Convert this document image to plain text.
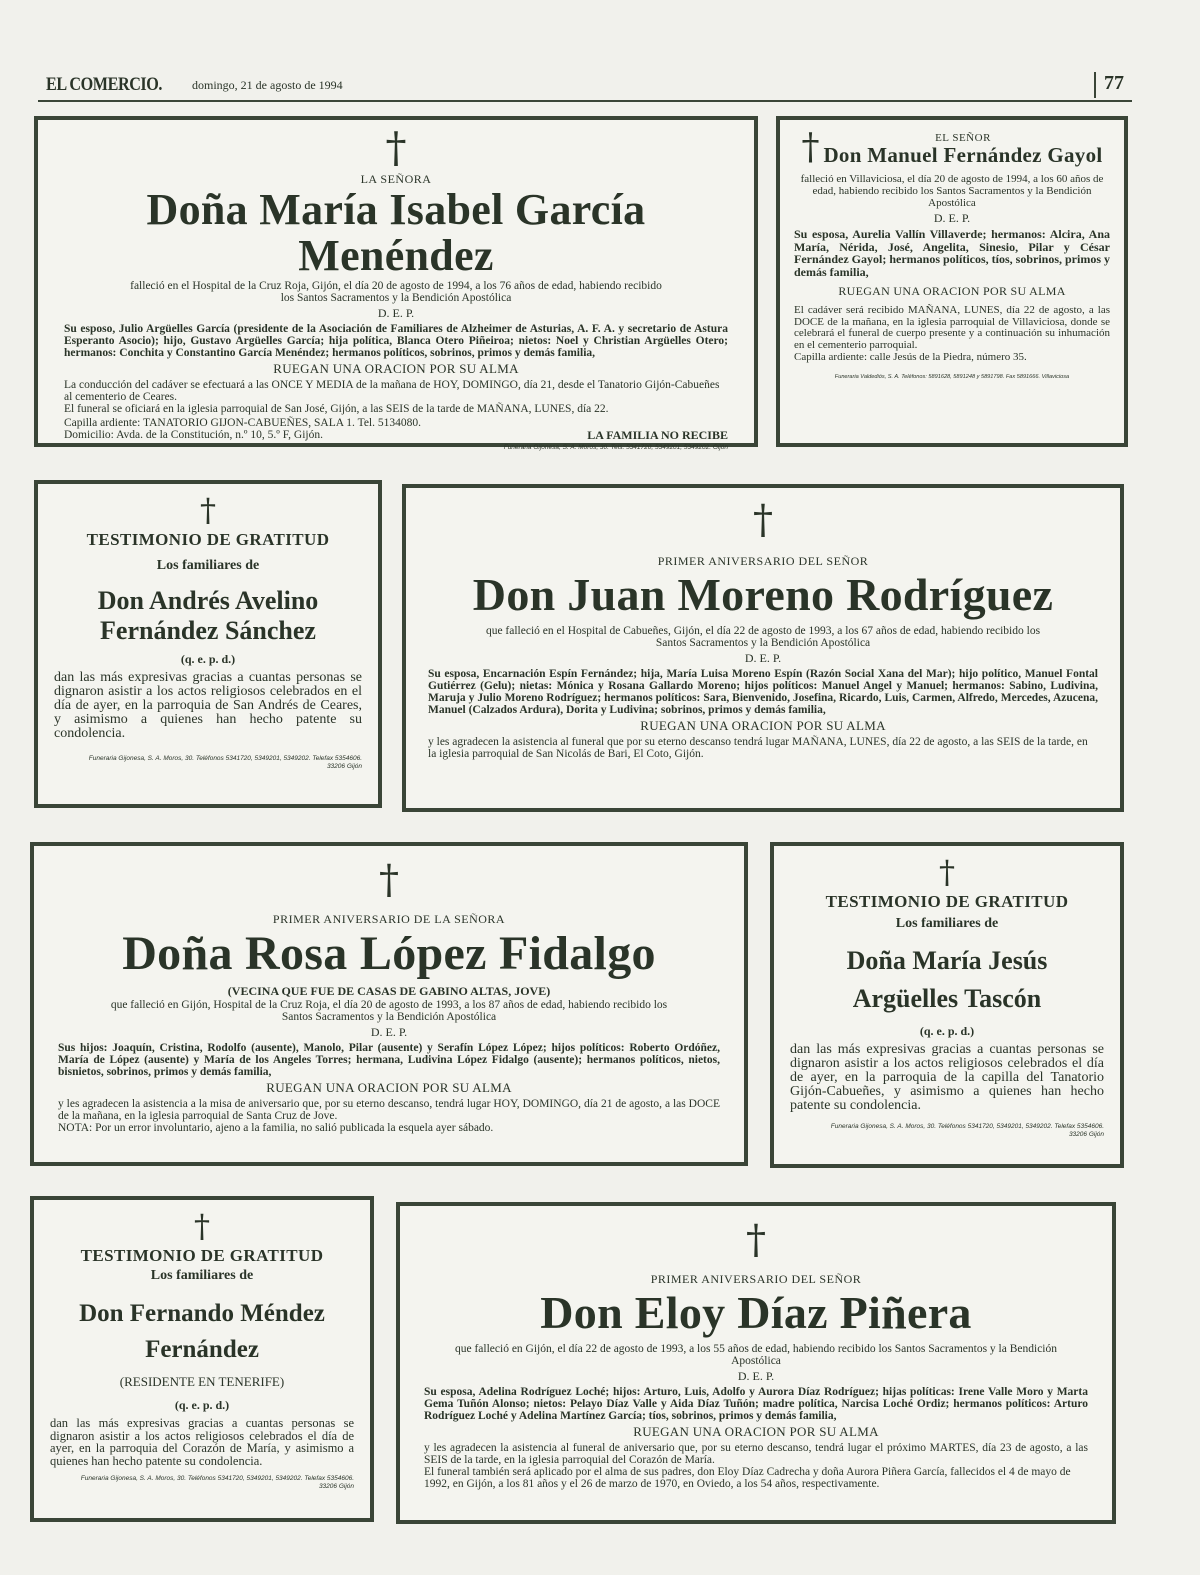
EL COMERCIO. domingo, 21 de agosto de 1994	77
†
LA SEÑORA
Doña María Isabel García Menéndez
falleció en el Hospital de la Cruz Roja, Gijón, el día 20 de agosto de 1994, a los 76 años de edad, habiendo recibido los Santos Sacramentos y la Bendición Apostólica
D. E. P.
Su esposo, Julio Argüelles García (presidente de la Asociación de Familiares de Alzheimer de Asturias, A. F. A. y secretario de Astura Esperanto Asocio); hijo, Gustavo Argüelles García; hija política, Blanca Otero Piñeiroa; nietos: Noel y Christian Argüelles Otero; hermanos: Conchita y Constantino García Menéndez; hermanos políticos, sobrinos, primos y demás familia,
RUEGAN UNA ORACION POR SU ALMA
La conducción del cadáver se efectuará a las ONCE Y MEDIA de la mañana de HOY, DOMINGO, día 21, desde el Tanatorio Gijón-Cabueñes al cementerio de Ceares.
El funeral se oficiará en la iglesia parroquial de San José, Gijón, a las SEIS de la tarde de MAÑANA, LUNES, día 22.
Capilla ardiente: TANATORIO GIJON-CABUEÑES, SALA 1. Tel. 5134080.
Domicilio: Avda. de la Constitución, n.º 10, 5.º F, Gijón.	LA FAMILIA NO RECIBE
Funeraria Gijonesa, S. A. Moros, 30. Tels. 5341720, 5349201, 5349202. Gijón
†	EL SEÑOR
Don Manuel Fernández Gayol
falleció en Villaviciosa, el día 20 de agosto de 1994, a los 60 años de edad, habiendo recibido los Santos Sacramentos y la Bendición Apostólica
D. E. P.
Su esposa, Aurelia Vallín Villaverde; hermanos: Alcira, Ana María, Nérida, José, Angelita, Sinesio, Pilar y César Fernández Gayol; hermanos políticos, tíos, sobrinos, primos y demás familia,
RUEGAN UNA ORACION POR SU ALMA
El cadáver será recibido MAÑANA, LUNES, día 22 de agosto, a las DOCE de la mañana, en la iglesia parroquial de Villaviciosa, donde se celebrará el funeral de cuerpo presente y a continuación su inhumación en el cementerio parroquial.
Capilla ardiente: calle Jesús de la Piedra, número 35.
Funeraria Valdediós, S. A. Teléfonos: 5891628, 5891248 y 5891798. Fax 5891666. Villaviciosa
†
TESTIMONIO DE GRATITUD
Los familiares de
Don Andrés Avelino
Fernández Sánchez
(q. e. p. d.)
dan las más expresivas gracias a cuantas personas se dignaron asistir a los actos religiosos celebrados en el día de ayer, en la parroquia de San Andrés de Ceares, y asimismo a quienes han hecho patente su condolencia.
Funeraria Gijonesa, S. A. Moros, 30. Teléfonos 5341720, 5349201, 5349202. Telefax 5354606. 33206 Gijón
†
PRIMER ANIVERSARIO DEL SEÑOR
Don Juan Moreno Rodríguez
que falleció en el Hospital de Cabueñes, Gijón, el día 22 de agosto de 1993, a los 67 años de edad, habiendo recibido los Santos Sacramentos y la Bendición Apostólica
D. E. P.
Su esposa, Encarnación Espín Fernández; hija, María Luisa Moreno Espín (Razón Social Xana del Mar); hijo político, Manuel Fontal Gutiérrez (Gelu); nietas: Mónica y Rosana Gallardo Moreno; hijos políticos: Manuel Angel y Manuel; hermanos: Sabino, Ludivina, Maruja y Julio Moreno Rodríguez; hermanos políticos: Sara, Bienvenido, Josefina, Ricardo, Luis, Carmen, Alfredo, Mercedes, Azucena, Manuel (Calzados Ardura), Dorita y Ludivina; sobrinos, primos y demás familia,
RUEGAN UNA ORACION POR SU ALMA
y les agradecen la asistencia al funeral que por su eterno descanso tendrá lugar MAÑANA, LUNES, día 22 de agosto, a las SEIS de la tarde, en la iglesia parroquial de San Nicolás de Bari, El Coto, Gijón.
†
PRIMER ANIVERSARIO DE LA SEÑORA
Doña Rosa López Fidalgo
(VECINA QUE FUE DE CASAS DE GABINO ALTAS, JOVE)
que falleció en Gijón, Hospital de la Cruz Roja, el día 20 de agosto de 1993, a los 87 años de edad, habiendo recibido los Santos Sacramentos y la Bendición Apostólica
D. E. P.
Sus hijos: Joaquín, Cristina, Rodolfo (ausente), Manolo, Pilar (ausente) y Serafín López López; hijos políticos: Roberto Ordóñez, María de López (ausente) y María de los Angeles Torres; hermana, Ludivina López Fidalgo (ausente); hermanos políticos, nietos, bisnietos, sobrinos, primos y demás familia,
RUEGAN UNA ORACION POR SU ALMA
y les agradecen la asistencia a la misa de aniversario que, por su eterno descanso, tendrá lugar HOY, DOMINGO, día 21 de agosto, a las DOCE de la mañana, en la iglesia parroquial de Santa Cruz de Jove.
NOTA: Por un error involuntario, ajeno a la familia, no salió publicada la esquela ayer sábado.
†
TESTIMONIO DE GRATITUD
Los familiares de
Doña María Jesús
Argüelles Tascón
(q. e. p. d.)
dan las más expresivas gracias a cuantas personas se dignaron asistir a los actos religiosos celebrados el día de ayer, en la parroquia de la capilla del Tanatorio Gijón-Cabueñes, y asimismo a quienes han hecho patente su condolencia.
Funeraria Gijonesa, S. A. Moros, 30. Teléfonos 5341720, 5349201, 5349202. Telefax 5354606. 33206 Gijón
†
TESTIMONIO DE GRATITUD
Los familiares de
Don Fernando Méndez
Fernández
(RESIDENTE EN TENERIFE)
(q. e. p. d.)
dan las más expresivas gracias a cuantas personas se dignaron asistir a los actos religiosos celebrados el día de ayer, en la parroquia del Corazón de María, y asimismo a quienes han hecho patente su condolencia.
Funeraria Gijonesa, S. A. Moros, 30. Teléfonos 5341720, 5349201, 5349202. Telefax 5354606. 33206 Gijón
†
PRIMER ANIVERSARIO DEL SEÑOR
Don Eloy Díaz Piñera
que falleció en Gijón, el día 22 de agosto de 1993, a los 55 años de edad, habiendo recibido los Santos Sacramentos y la Bendición Apostólica
D. E. P.
Su esposa, Adelina Rodríguez Loché; hijos: Arturo, Luis, Adolfo y Aurora Díaz Rodríguez; hijas políticas: Irene Valle Moro y Marta Gema Tuñón Alonso; nietos: Pelayo Díaz Valle y Aida Díaz Tuñón; madre política, Narcisa Loché Ordiz; hermanos políticos: Arturo Rodríguez Loché y Adelina Martínez García; tíos, sobrinos, primos y demás familia,
RUEGAN UNA ORACION POR SU ALMA
y les agradecen la asistencia al funeral de aniversario que, por su eterno descanso, tendrá lugar el próximo MARTES, día 23 de agosto, a las SEIS de la tarde, en la iglesia parroquial del Corazón de María.
El funeral también será aplicado por el alma de sus padres, don Eloy Díaz Cadrecha y doña Aurora Piñera García, fallecidos el 4 de mayo de 1992, en Gijón, a los 81 años y el 26 de marzo de 1970, en Oviedo, a los 54 años, respectivamente.
